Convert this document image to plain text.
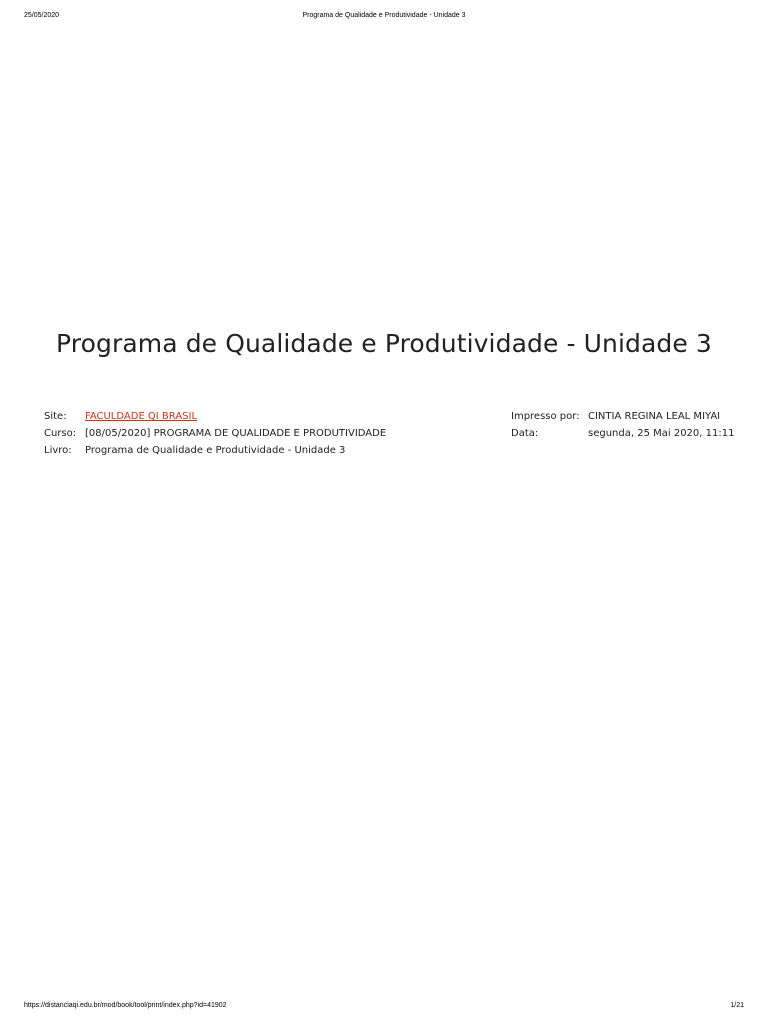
25/05/2020	Programa de Qualidade e Produtividade - Unidade 3
Programa de Qualidade e Produtividade - Unidade 3
Site:	FACULDADE QI BRASIL
Curso: [08/05/2020] PROGRAMA DE QUALIDADE E PRODUTIVIDADE
Livro:	Programa de Qualidade e Produtividade - Unidade 3
Impresso por: CINTIA REGINA LEAL MIYAI
Data:	segunda, 25 Mai 2020, 11:11
https://distanciaqi.edu.br/mod/book/tool/print/index.php?id=41902	1/21
